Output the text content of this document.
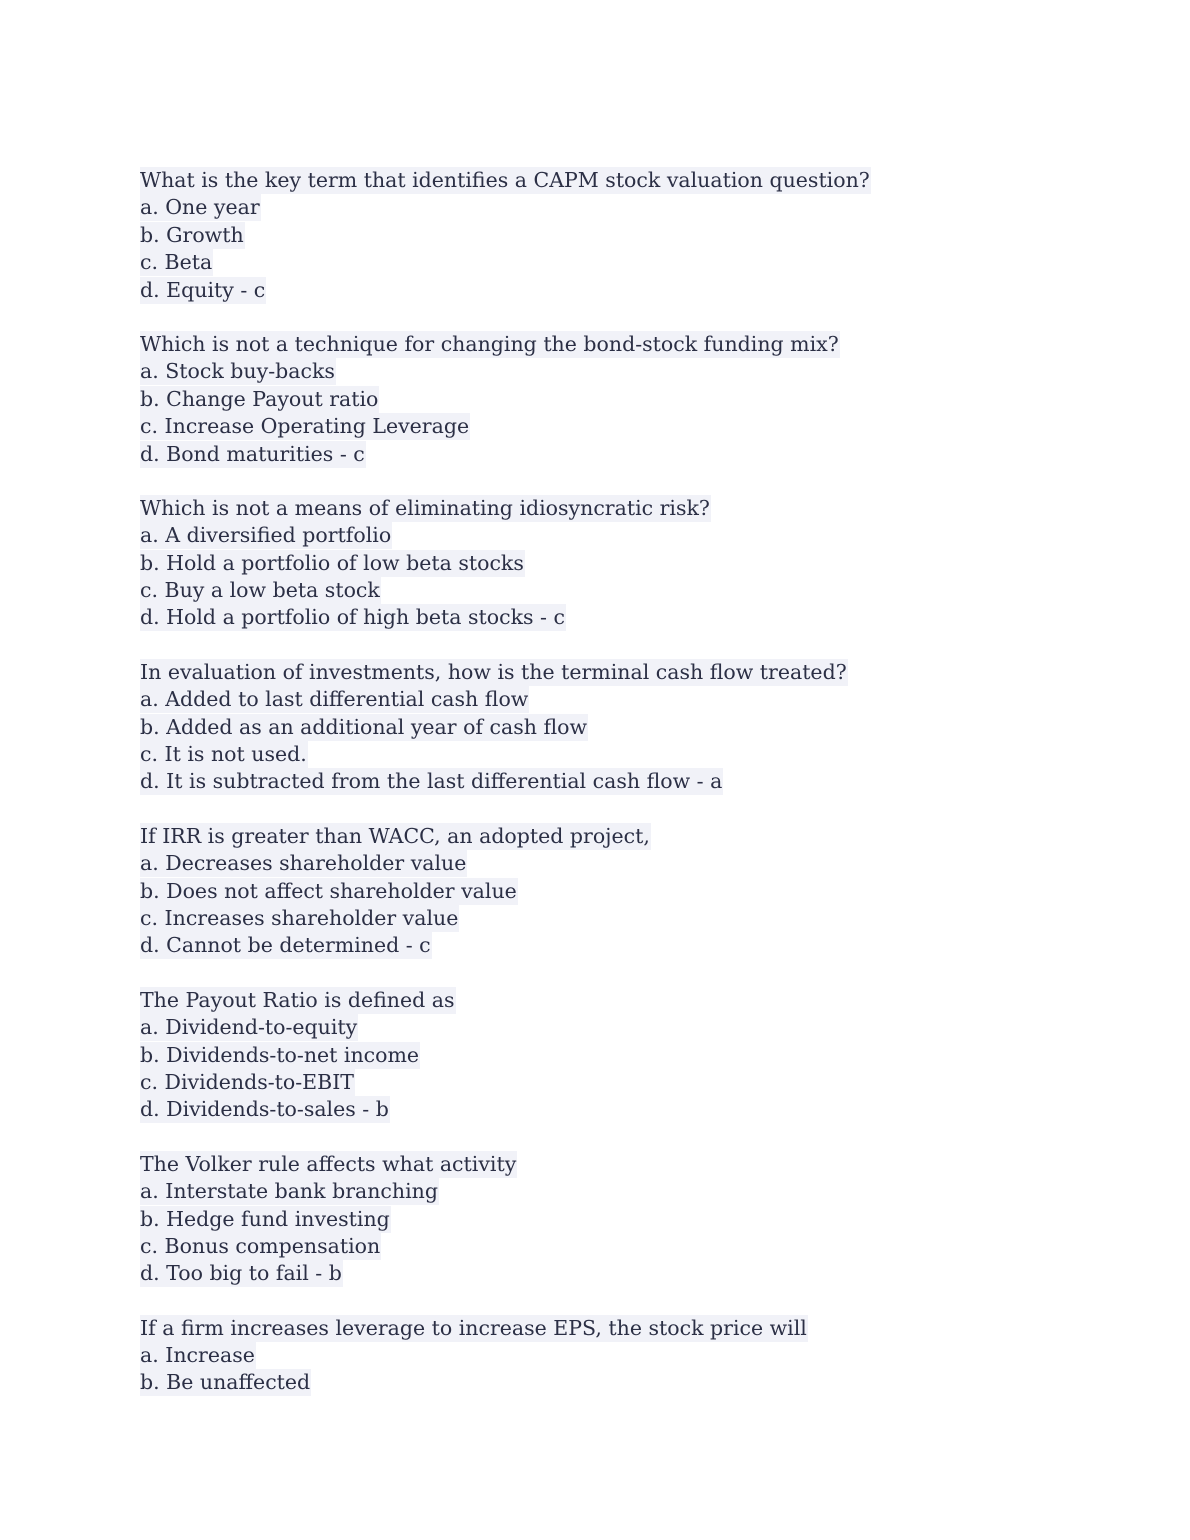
What is the key term that identifies a CAPM stock valuation question?
a. One year
b. Growth
c. Beta
d. Equity - c
Which is not a technique for changing the bond-stock funding mix?
a. Stock buy-backs
b. Change Payout ratio
c. Increase Operating Leverage
d. Bond maturities - c
Which is not a means of eliminating idiosyncratic risk?
a. A diversified portfolio
b. Hold a portfolio of low beta stocks
c. Buy a low beta stock
d. Hold a portfolio of high beta stocks - c
In evaluation of investments, how is the terminal cash flow treated?
a. Added to last differential cash flow
b. Added as an additional year of cash flow
c. It is not used.
d. It is subtracted from the last differential cash flow - a
If IRR is greater than WACC, an adopted project,
a. Decreases shareholder value
b. Does not affect shareholder value
c. Increases shareholder value
d. Cannot be determined - c
The Payout Ratio is defined as
a. Dividend-to-equity
b. Dividends-to-net income
c. Dividends-to-EBIT
d. Dividends-to-sales - b
The Volker rule affects what activity
a. Interstate bank branching
b. Hedge fund investing
c. Bonus compensation
d. Too big to fail - b
If a firm increases leverage to increase EPS, the stock price will
a. Increase
b. Be unaffected
